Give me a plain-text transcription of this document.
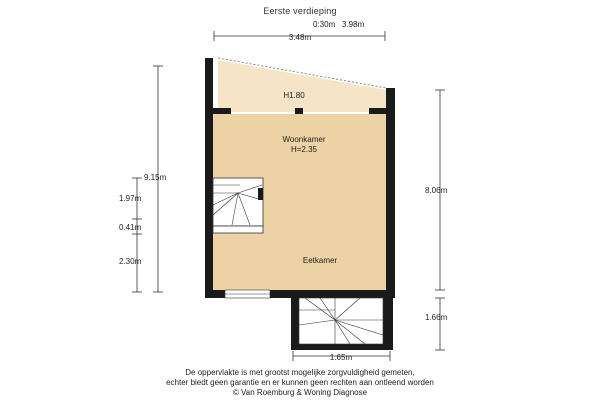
Eerste verdieping
3.48m
0:30m 3.98m
H1.80
Woonkamer
H=2.35
Eetkamer
9.15m
1.97m
0.41m
2.30m
8.06m
1.66m
1.65m
De oppervlakte is met grootst mogelijke zorgvuldigheid gemeten,
echter biedt geen garantie en er kunnen geen rechten aan ontleend worden
© Van Roemburg & Woning Diagnose
